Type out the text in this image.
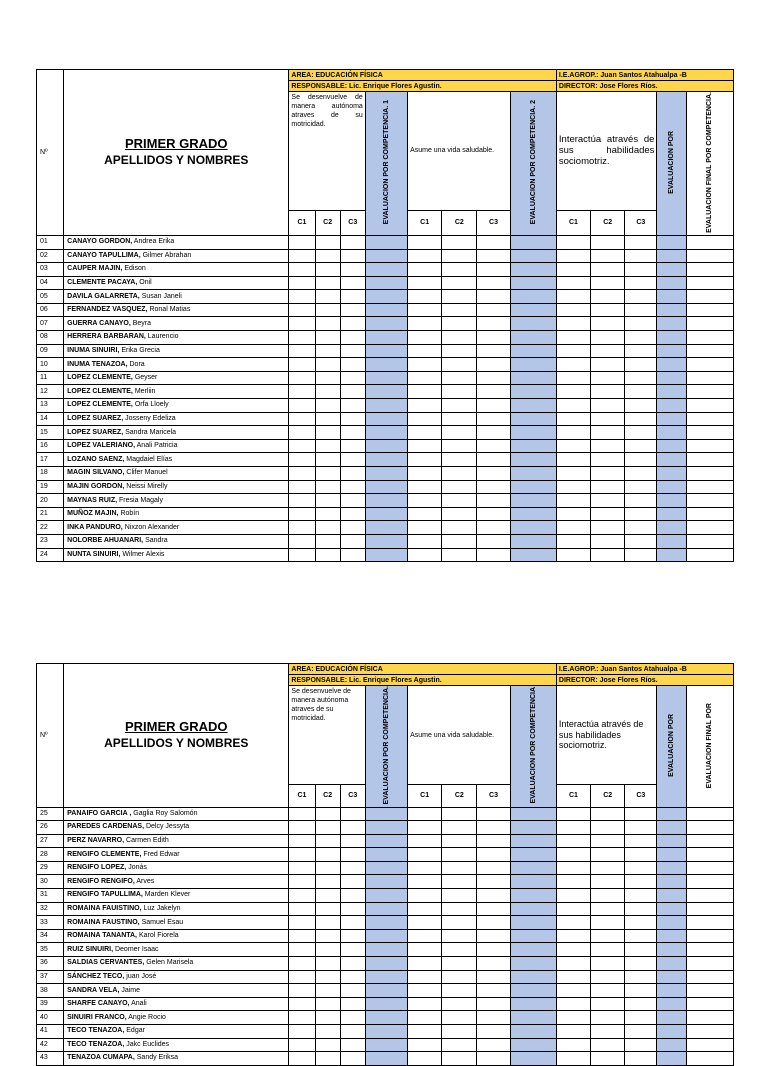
Nº	PRIMER GRADO
APELLIDOS Y NOMBRES	AREA: EDUCACIÓN FÍSICA								I.E.AGROP.: Juan Santos Atahualpa -B				
		RESPONSABLE: Lic. Enrique Flores Agustin.								DIRECTOR: Jose Flores Ríos.				
		Se desenvuelve de manera autónoma atraves de su motricidad.			EVALUACION POR COMPETENCIA. 1	Asume una vida saludable.			EVALUACION POR COMPETENCIA. 2	Interactúa através de sus habilidades sociomotriz.			EVALUACION POR	EVALUACION FINAL POR COMPETENCIA.
		C1	C2	C3		C1	C2	C3		C1	C2	C3		
01	CANAYO GORDON, Andrea Erika													
02	CANAYO TAPULLIMA, Gilmer Abrahan													
03	CAUPER MAJIN, Edison													
04	CLEMENTE PACAYA, Onil													
05	DAVILA GALARRETA, Susan Janeli													
06	FERNANDEZ VASQUEZ, Ronal Matias													
07	GUERRA CANAYO, Beyra													
08	HERRERA BARBARAN, Laurencio													
09	INUMA SINUIRI, Erika Grecia													
10	INUMA TENAZOA, Dora													
11	LOPEZ CLEMENTE, Geyser													
12	LOPEZ CLEMENTE, Merliin													
13	LOPEZ CLEMENTE, Orfa Lloely													
14	LOPEZ SUAREZ, Josseny Edeliza													
15	LOPEZ SUAREZ, Sandra Maricela													
16	LOPEZ VALERIANO, Anali Patricia													
17	LOZANO SAENZ, Magdaiel Elías													
18	MAGIN SILVANO, Clifer Manuel													
19	MAJIN GORDON, Neissi Mirelly													
20	MAYNAS RUIZ, Fresia Magaly													
21	MUÑOZ MAJIN, Robín													
22	INKA PANDURO, Nixzon Alexander													
23	NOLORBE AHUANARI, Sandra													
24	NUNTA SINUIRI, Wilmer Alexis													
Nº	PRIMER GRADO
APELLIDOS Y NOMBRES	AREA: EDUCACIÓN FÍSICA								I.E.AGROP.: Juan Santos Atahualpa -B				
		RESPONSABLE: Lic. Enrique Flores Agustin.								DIRECTOR: Jose Flores Ríos.				
		Se desenvuelve de manera autónoma atraves de su motricidad.			EVALUACION POR COMPETENCIA.	Asume una vida saludable.			EVALUACION POR COMPETENCIA	Interactúa através de sus habilidades sociomotriz.			EVALUACION POR	EVALUACION FINAL POR
		C1	C2	C3		C1	C2	C3		C1	C2	C3		
25	PANAIFO GARCIA , Gaglia Roy Salomón													
26	PAREDES CARDENAS, Delcy Jessyta													
27	PERZ NAVARRO, Carmen Edith													
28	RENGIFO CLEMENTE, Fred Edwar													
29	RENGIFO LOPEZ, Jonás													
30	RENGIFO RENGIFO, Arves													
31	RENGIFO TAPULLIMA, Marden Klever													
32	ROMAINA FAUISTINO, Luz Jakelyn													
33	ROMAINA FAUSTINO, Samuel Esau													
34	ROMAINA TANANTA, Karol Fiorela													
35	RUIZ SINUIRI, Deomer Isaac													
36	SALDIAS CERVANTES, Gelen Marisela													
37	SÁNCHEZ TECO, juan José													
38	SANDRA VELA, Jaime													
39	SHARFE CANAYO, Anali													
40	SINUIRI FRANCO, Angie Rocio													
41	TECO TENAZOA, Edgar													
42	TECO TENAZOA, Jakc Euclides													
43	TENAZOA CUMAPA, Sandy Eriksa													
